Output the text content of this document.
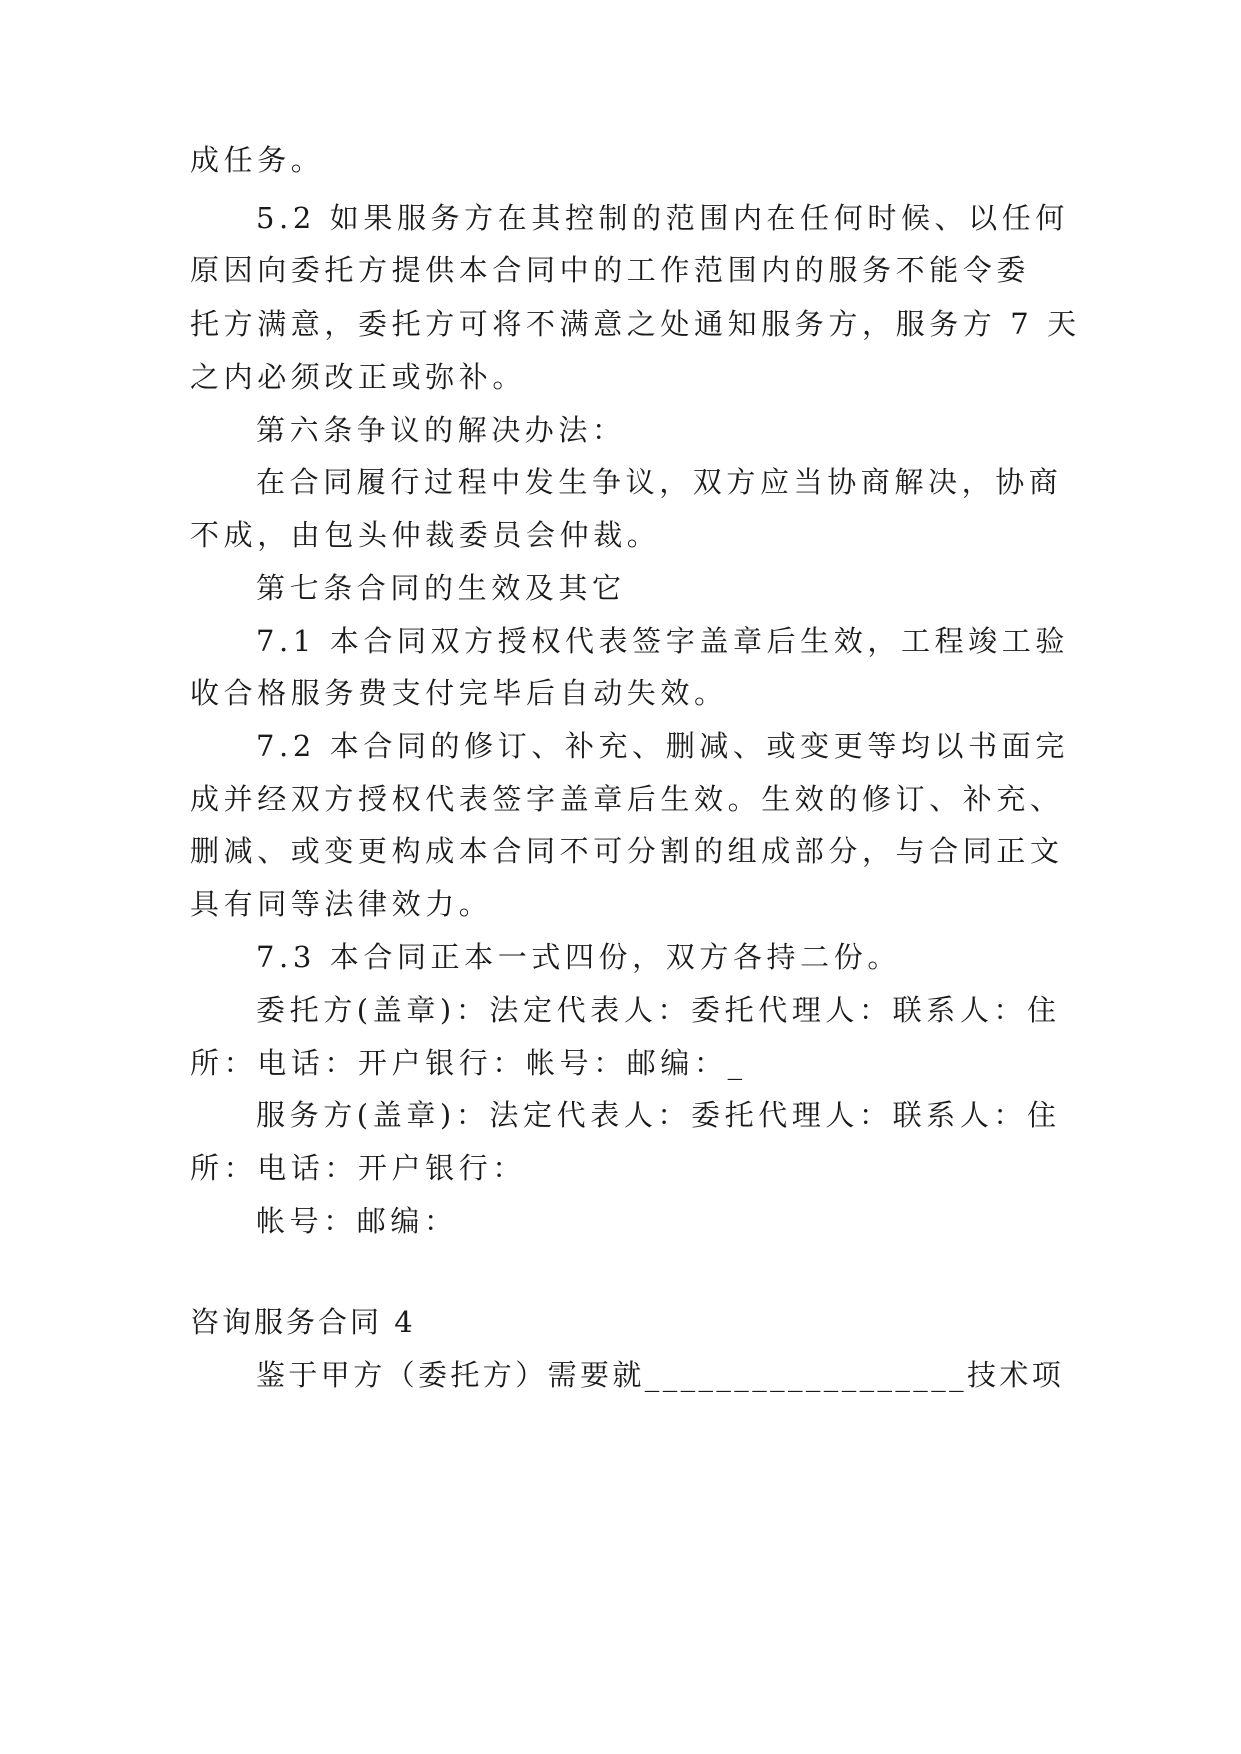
成任务。
5.2 如果服务方在其控制的范围内在任何时候、以任何
原因向委托方提供本合同中的工作范围内的服务不能令委
托方满意，委托方可将不满意之处通知服务方，服务方 7 天
之内必须改正或弥补。
第六条争议的解决办法：
在合同履行过程中发生争议，双方应当协商解决，协商
不成，由包头仲裁委员会仲裁。
第七条合同的生效及其它
7.1 本合同双方授权代表签字盖章后生效，工程竣工验
收合格服务费支付完毕后自动失效。
7.2 本合同的修订、补充、删减、或变更等均以书面完
成并经双方授权代表签字盖章后生效。生效的修订、补充、
删减、或变更构成本合同不可分割的组成部分，与合同正文
具有同等法律效力。
7.3 本合同正本一式四份，双方各持二份。
委托方(盖章)：法定代表人：委托代理人：联系人：住
所：电话：开户银行：帐号：邮编：_
服务方(盖章)：法定代表人：委托代理人：联系人：住
所：电话：开户银行：
帐号：邮编：
咨询服务合同 4
鉴于甲方（委托方）需要就__________________技术项
